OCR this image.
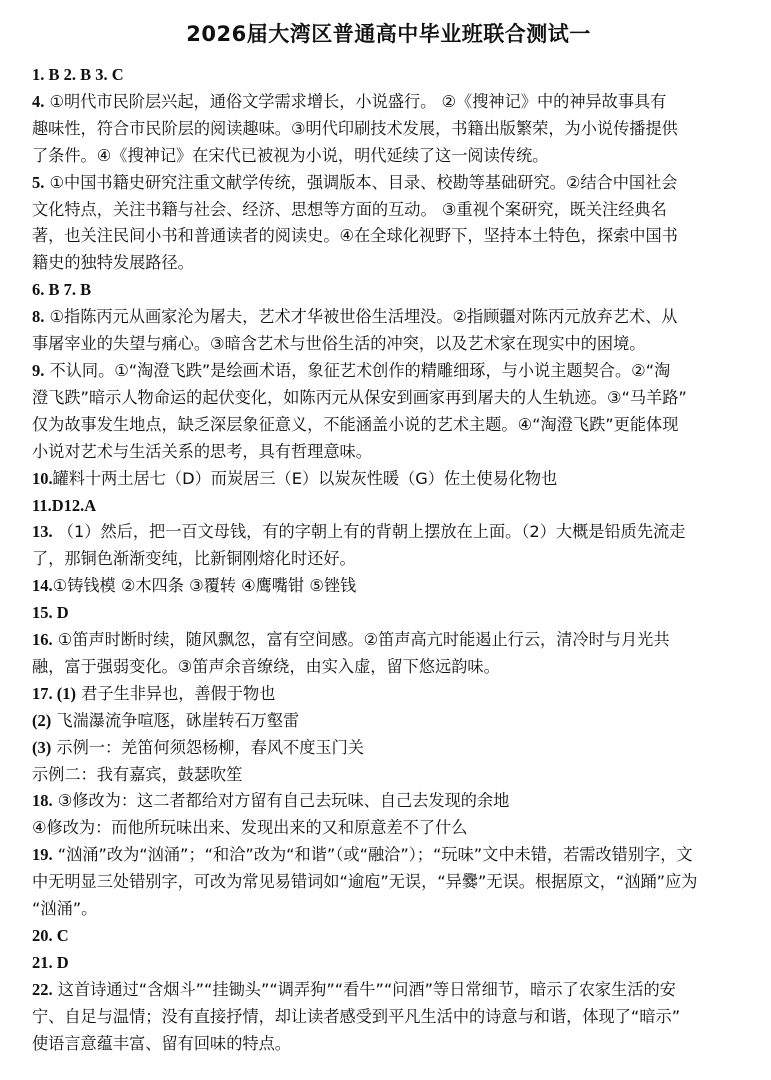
2026届大湾区普通高中毕业班联合测试一
1. B 2. B 3. C
4. ①明代市民阶层兴起，通俗文学需求增长，小说盛行。 ②《搜神记》中的神异故事具有
趣味性，符合市民阶层的阅读趣味。③明代印刷技术发展，书籍出版繁荣，为小说传播提供
了条件。④《搜神记》在宋代已被视为小说，明代延续了这一阅读传统。
5. ①中国书籍史研究注重文献学传统，强调版本、目录、校勘等基础研究。②结合中国社会
文化特点，关注书籍与社会、经济、思想等方面的互动。 ③重视个案研究，既关注经典名
著，也关注民间小书和普通读者的阅读史。④在全球化视野下，坚持本土特色，探索中国书
籍史的独特发展路径。
6. B 7. B
8. ①指陈丙元从画家沦为屠夫，艺术才华被世俗生活埋没。②指顾疆对陈丙元放弃艺术、从
事屠宰业的失望与痛心。③暗含艺术与世俗生活的冲突，以及艺术家在现实中的困境。
9. 不认同。①“淘澄飞跌”是绘画术语，象征艺术创作的精雕细琢，与小说主题契合。②“淘
澄飞跌”暗示人物命运的起伏变化，如陈丙元从保安到画家再到屠夫的人生轨迹。③“马羊路”
仅为故事发生地点，缺乏深层象征意义，不能涵盖小说的艺术主题。④“淘澄飞跌”更能体现
小说对艺术与生活关系的思考，具有哲理意味。
10.罐料十两土居七（D）而炭居三（E）以炭灰性暖（G）佐土使易化物也
11.D12.A
13. （1）然后，把一百文母钱，有的字朝上有的背朝上摆放在上面。（2）大概是铅质先流走
了，那铜色渐渐变纯，比新铜刚熔化时还好。
14.①铸钱模 ②木四条 ③覆转 ④鹰嘴钳 ⑤锉钱
15. D
16. ①笛声时断时续，随风飘忽，富有空间感。②笛声高亢时能遏止行云，清冷时与月光共
融，富于强弱变化。③笛声余音缭绕，由实入虚，留下悠远韵味。
17. (1) 君子生非异也，善假于物也
(2) 飞湍瀑流争喧豗，砯崖转石万壑雷
(3) 示例一：羌笛何须怨杨柳，春风不度玉门关
示例二：我有嘉宾，鼓瑟吹笙
18. ③修改为：这二者都给对方留有自己去玩味、自己去发现的余地
④修改为：而他所玩味出来、发现出来的又和原意差不了什么
19. “汹涌”改为“汹涌”；“和洽”改为“和谐”（或“融洽”）；“玩味”文中未错，若需改错别字，文
中无明显三处错别字，可改为常见易错词如“逾庖”无误，“异爨”无误。根据原文，“汹踊”应为
“汹涌”。
20. C
21. D
22. 这首诗通过“含烟斗”“挂锄头”“调弄狗”“看牛”“问酒”等日常细节，暗示了农家生活的安
宁、自足与温情；没有直接抒情，却让读者感受到平凡生活中的诗意与和谐，体现了“暗示”
使语言意蕴丰富、留有回味的特点。
